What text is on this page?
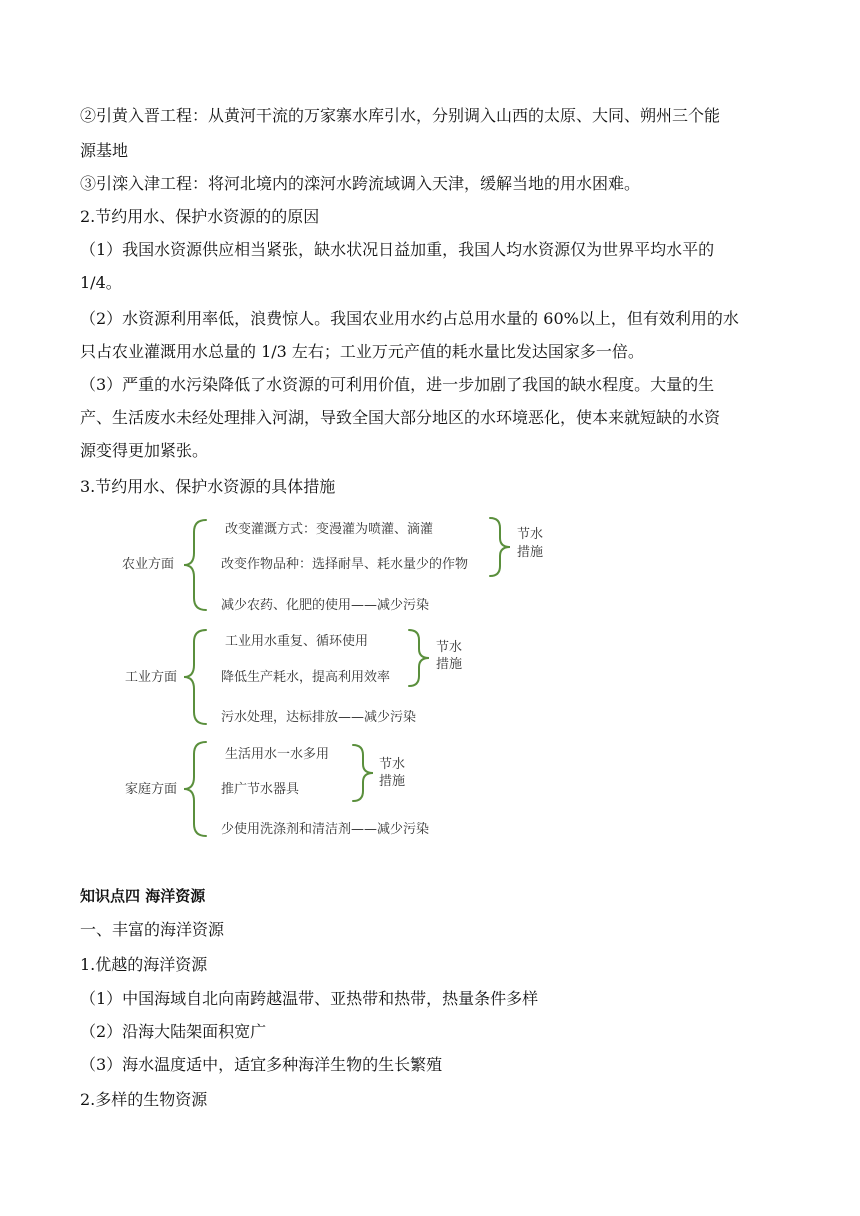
②引黄入晋工程：从黄河干流的万家寨水库引水，分别调入山西的太原、大同、朔州三个能
源基地
③引滦入津工程：将河北境内的滦河水跨流域调入天津，缓解当地的用水困难。
2.节约用水、保护水资源的的原因
（1）我国水资源供应相当紧张，缺水状况日益加重，我国人均水资源仅为世界平均水平的
1/4。
（2）水资源利用率低，浪费惊人。我国农业用水约占总用水量的 60%以上，但有效利用的水
只占农业灌溉用水总量的 1/3 左右；工业万元产值的耗水量比发达国家多一倍。
（3）严重的水污染降低了水资源的可利用价值，进一步加剧了我国的缺水程度。大量的生
产、生活废水未经处理排入河湖，导致全国大部分地区的水环境恶化，使本来就短缺的水资
源变得更加紧张。
3.节约用水、保护水资源的具体措施
农业方面
改变灌溉方式：变漫灌为喷灌、滴灌
改变作物品种：选择耐旱、耗水量少的作物
减少农药、化肥的使用——减少污染
节水
措施
工业方面
工业用水重复、循环使用
降低生产耗水，提高利用效率
污水处理，达标排放——减少污染
节水
措施
家庭方面
生活用水一水多用
推广节水器具
少使用洗涤剂和清洁剂——减少污染
节水
措施
知识点四 海洋资源
一、丰富的海洋资源
1.优越的海洋资源
（1）中国海域自北向南跨越温带、亚热带和热带，热量条件多样
（2）沿海大陆架面积宽广
（3）海水温度适中，适宜多种海洋生物的生长繁殖
2.多样的生物资源
